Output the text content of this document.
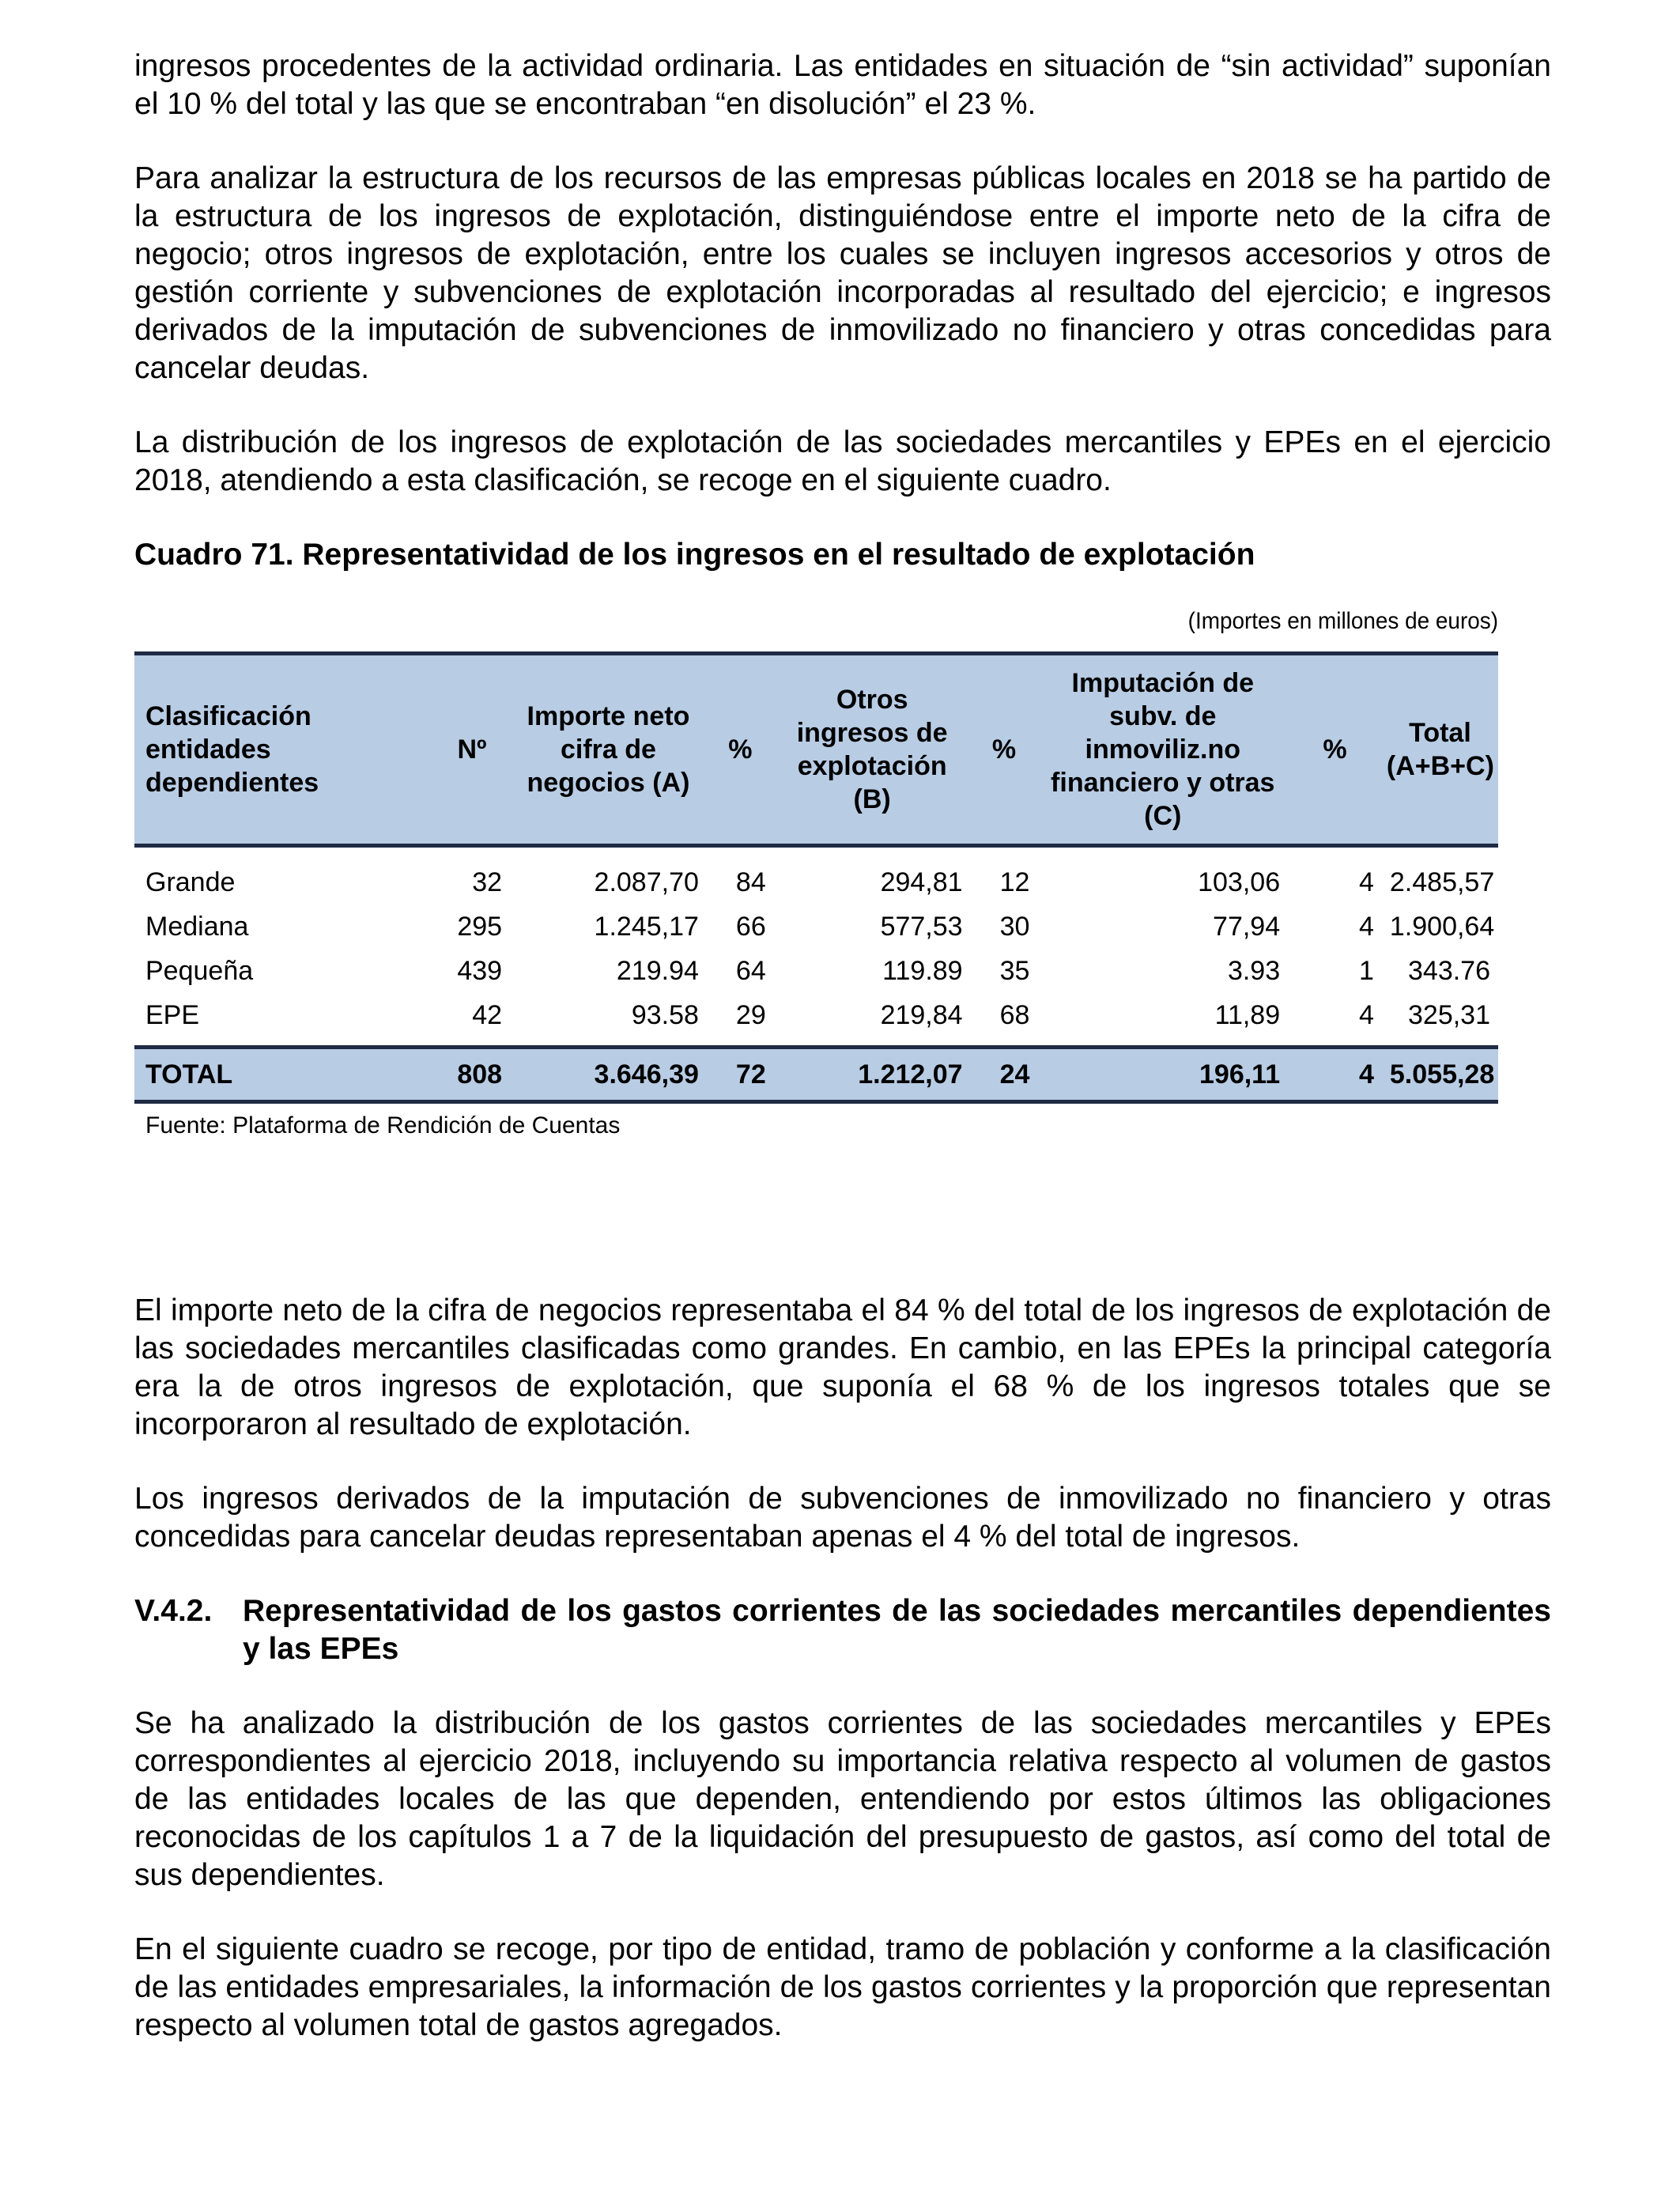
ingresos procedentes de la actividad ordinaria. Las entidades en situación de “sin actividad” suponían el 10 % del total y las que se encontraban “en disolución” el 23 %.

Para analizar la estructura de los recursos de las empresas públicas locales en 2018 se ha partido de la estructura de los ingresos de explotación, distinguiéndose entre el importe neto de la cifra de negocio; otros ingresos de explotación, entre los cuales se incluyen ingresos accesorios y otros de gestión corriente y subvenciones de explotación incorporadas al resultado del ejercicio; e ingresos derivados de la imputación de subvenciones de inmovilizado no financiero y otras concedidas para cancelar deudas.

La distribución de los ingresos de explotación de las sociedades mercantiles y EPEs en el ejercicio 2018, atendiendo a esta clasificación, se recoge en el siguiente cuadro.

Cuadro 71. Representatividad de los ingresos en el resultado de explotación
(Importes en millones de euros)
Clasificación entidades dependientes	Nº	Importe neto cifra de negocios (A)	%	Otros ingresos de explotación (B)	%	Imputación de subv. de inmoviliz.no financiero y otras (C)	%	Total (A+B+C)
Grande	32	2.087,70	84	294,81	12	103,06	4	2.485,57
Mediana	295	1.245,17	66	577,53	30	77,94	4	1.900,64
Pequeña	439	219.94	64	119.89	35	3.93	1	343.76
EPE	42	93.58	29	219,84	68	11,89	4	325,31
TOTAL	808	3.646,39	72	1.212,07	24	196,11	4	5.055,28
Fuente: Plataforma de Rendición de Cuentas

El importe neto de la cifra de negocios representaba el 84 % del total de los ingresos de explotación de las sociedades mercantiles clasificadas como grandes. En cambio, en las EPEs la principal categoría era la de otros ingresos de explotación, que suponía el 68 % de los ingresos totales que se incorporaron al resultado de explotación.

Los ingresos derivados de la imputación de subvenciones de inmovilizado no financiero y otras concedidas para cancelar deudas representaban apenas el 4 % del total de ingresos.

V.4.2. Representatividad de los gastos corrientes de las sociedades mercantiles dependientes y las EPEs

Se ha analizado la distribución de los gastos corrientes de las sociedades mercantiles y EPEs correspondientes al ejercicio 2018, incluyendo su importancia relativa respecto al volumen de gastos de las entidades locales de las que dependen, entendiendo por estos últimos las obligaciones reconocidas de los capítulos 1 a 7 de la liquidación del presupuesto de gastos, así como del total de sus dependientes.

En el siguiente cuadro se recoge, por tipo de entidad, tramo de población y conforme a la clasificación de las entidades empresariales, la información de los gastos corrientes y la proporción que representan respecto al volumen total de gastos agregados.
